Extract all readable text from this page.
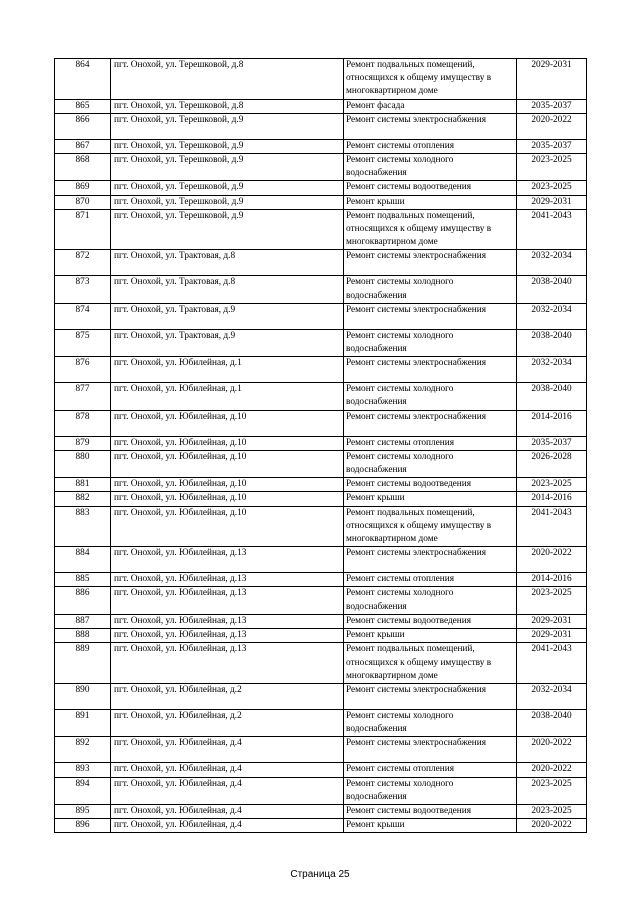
864	пгт. Онохой, ул. Терешковой, д.8	Ремонт подвальных помещений, относящихся к общему имуществу в многоквартирном доме	2029-2031
865	пгт. Онохой, ул. Терешковой, д.8	Ремонт фасада	2035-2037
866	пгт. Онохой, ул. Терешковой, д.9	Ремонт системы электроснабжения	2020-2022
867	пгт. Онохой, ул. Терешковой, д.9	Ремонт системы отопления	2035-2037
868	пгт. Онохой, ул. Терешковой, д.9	Ремонт системы холодного водоснабжения	2023-2025
869	пгт. Онохой, ул. Терешковой, д.9	Ремонт системы водоотведения	2023-2025
870	пгт. Онохой, ул. Терешковой, д.9	Ремонт крыши	2029-2031
871	пгт. Онохой, ул. Терешковой, д.9	Ремонт подвальных помещений, относящихся к общему имуществу в многоквартирном доме	2041-2043
872	пгт. Онохой, ул. Трактовая, д.8	Ремонт системы электроснабжения	2032-2034
873	пгт. Онохой, ул. Трактовая, д.8	Ремонт системы холодного водоснабжения	2038-2040
874	пгт. Онохой, ул. Трактовая, д.9	Ремонт системы электроснабжения	2032-2034
875	пгт. Онохой, ул. Трактовая, д.9	Ремонт системы холодного водоснабжения	2038-2040
876	пгт. Онохой, ул. Юбилейная, д.1	Ремонт системы электроснабжения	2032-2034
877	пгт. Онохой, ул. Юбилейная, д.1	Ремонт системы холодного водоснабжения	2038-2040
878	пгт. Онохой, ул. Юбилейная, д.10	Ремонт системы электроснабжения	2014-2016
879	пгт. Онохой, ул. Юбилейная, д.10	Ремонт системы отопления	2035-2037
880	пгт. Онохой, ул. Юбилейная, д.10	Ремонт системы холодного водоснабжения	2026-2028
881	пгт. Онохой, ул. Юбилейная, д.10	Ремонт системы водоотведения	2023-2025
882	пгт. Онохой, ул. Юбилейная, д.10	Ремонт крыши	2014-2016
883	пгт. Онохой, ул. Юбилейная, д.10	Ремонт подвальных помещений, относящихся к общему имуществу в многоквартирном доме	2041-2043
884	пгт. Онохой, ул. Юбилейная, д.13	Ремонт системы электроснабжения	2020-2022
885	пгт. Онохой, ул. Юбилейная, д.13	Ремонт системы отопления	2014-2016
886	пгт. Онохой, ул. Юбилейная, д.13	Ремонт системы холодного водоснабжения	2023-2025
887	пгт. Онохой, ул. Юбилейная, д.13	Ремонт системы водоотведения	2029-2031
888	пгт. Онохой, ул. Юбилейная, д.13	Ремонт крыши	2029-2031
889	пгт. Онохой, ул. Юбилейная, д.13	Ремонт подвальных помещений, относящихся к общему имуществу в многоквартирном доме	2041-2043
890	пгт. Онохой, ул. Юбилейная, д.2	Ремонт системы электроснабжения	2032-2034
891	пгт. Онохой, ул. Юбилейная, д.2	Ремонт системы холодного водоснабжения	2038-2040
892	пгт. Онохой, ул. Юбилейная, д.4	Ремонт системы электроснабжения	2020-2022
893	пгт. Онохой, ул. Юбилейная, д.4	Ремонт системы отопления	2020-2022
894	пгт. Онохой, ул. Юбилейная, д.4	Ремонт системы холодного водоснабжения	2023-2025
895	пгт. Онохой, ул. Юбилейная, д.4	Ремонт системы водоотведения	2023-2025
896	пгт. Онохой, ул. Юбилейная, д.4	Ремонт крыши	2020-2022
Страница 25
